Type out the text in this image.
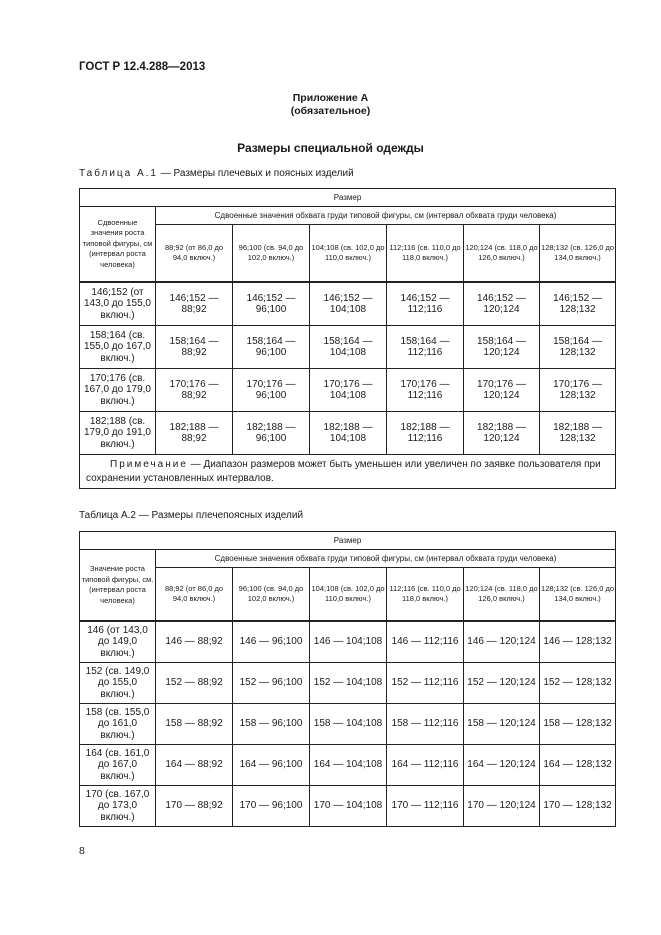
ГОСТ Р 12.4.288—2013
Приложение А
(обязательное)
Размеры специальной одежды
Таблица А.1 — Размеры плечевых и поясных изделий
Размер						
Сдвоенные значения роста типовой фигуры, см (интервал роста человека)	Сдвоенные значения обхвата груди типовой фигуры, см (интервал обхвата груди человека)					
	88;92 (от 86,0 до 94,0 включ.)	96;100 (св. 94,0 до 102,0 включ.)	104;108 (св. 102,0 до 110,0 включ.)	112;116 (св. 110,0 до 118,0 включ.)	120;124 (св. 118,0 до 126,0 включ.)	128;132 (св. 126,0 до 134,0 включ.)
146;152 (от 143,0 до 155,0 включ.)	146;152 — 88;92	146;152 — 96;100	146;152 — 104;108	146;152 — 112;116	146;152 — 120;124	146;152 — 128;132
158;164 (св. 155,0 до 167,0 включ.)	158;164 — 88;92	158;164 — 96;100	158;164 — 104;108	158;164 — 112;116	158;164 — 120;124	158;164 — 128;132
170;176 (св. 167,0 до 179,0 включ.)	170;176 — 88;92	170;176 — 96;100	170;176 — 104;108	170;176 — 112;116	170;176 — 120;124	170;176 — 128;132
182;188 (св. 179,0 до 191,0 включ.)	182;188 — 88;92	182;188 — 96;100	182;188 — 104;108	182;188 — 112;116	182;188 — 120;124	182;188 — 128;132
Примечание — Диапазон размеров может быть уменьшен или увеличен по заявке пользователя при сохранении установленных интервалов.						
Таблица А.2 — Размеры плечепоясных изделий
Размер						
Значение роста типовой фигуры, см. (интервал роста человека)	Сдвоенные значения обхвата груди типовой фигуры, см (интервал обхвата груди человека)					
	88;92 (от 86,0 до 94,0 включ.)	96;100 (св. 94,0 до 102,0 включ.)	104;108 (св. 102,0 до 110,0 включ.)	112;116 (св. 110,0 до 118,0 включ.)	120;124 (св. 118,0 до 126,0 включ.)	128;132 (св. 126,0 до 134,0 включ.)
146 (от 143,0 до 149,0 включ.)	146 — 88;92	146 — 96;100	146 — 104;108	146 — 112;116	146 — 120;124	146 — 128;132
152 (св. 149,0 до 155,0 включ.)	152 — 88;92	152 — 96;100	152 — 104;108	152 — 112;116	152 — 120;124	152 — 128;132
158 (св. 155,0 до 161,0 включ.)	158 — 88;92	158 — 96;100	158 — 104;108	158 — 112;116	158 — 120;124	158 — 128;132
164 (св. 161,0 до 167,0 включ.)	164 — 88;92	164 — 96;100	164 — 104;108	164 — 112;116	164 — 120;124	164 — 128;132
170 (св. 167,0 до 173,0 включ.)	170 — 88;92	170 — 96;100	170 — 104;108	170 — 112;116	170 — 120;124	170 — 128;132
8
